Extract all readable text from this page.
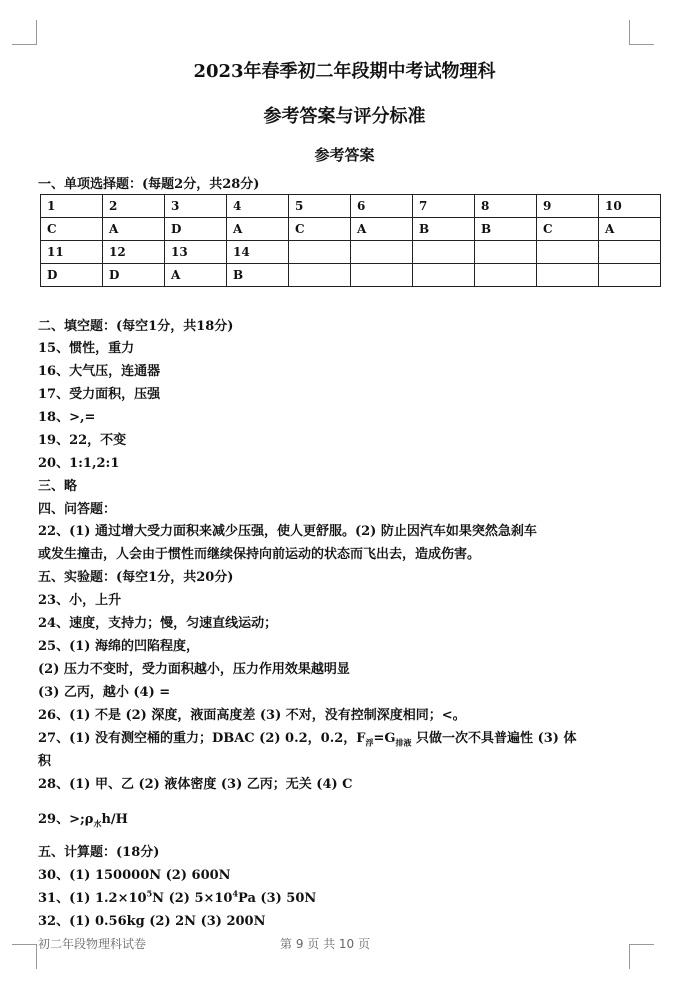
2023年春季初二年段期中考试物理科
参考答案与评分标准
参考答案
一、单项选择题：(每题2分，共28分)
1	2	3	4	5	6	7	8	9	10
C	A	D	A	C	A	B	B	C	A
11	12	13	14						
D	D	A	B						
二、填空题：(每空1分，共18分)
15、惯性，重力
16、大气压，连通器
17、受力面积，压强
18、>,=
19、22，不变
20、1:1,2:1
三、略
四、问答题：
22、(1) 通过增大受力面积来减少压强，使人更舒服。(2) 防止因汽车如果突然急刹车
或发生撞击，人会由于惯性而继续保持向前运动的状态而飞出去，造成伤害。
五、实验题：(每空1分，共20分)
23、小，上升
24、速度，支持力；慢，匀速直线运动；
25、(1) 海绵的凹陷程度，
(2) 压力不变时，受力面积越小，压力作用效果越明显
(3) 乙丙，越小 (4) =
26、(1) 不是 (2) 深度，液面高度差 (3) 不对，没有控制深度相同；<。
27、(1) 没有测空桶的重力；DBAC (2) 0.2，0.2，$F_浮=G_{排液}$ 只做一次不具普遍性 (3) 体
积
28、(1) 甲、乙 (2) 液体密度 (3) 乙丙；无关 (4) C
29、$>;\rho_水h/H$
五、计算题：(18分)
30、(1) 150000N (2) 600N
31、(1) $1.2\times 10^5N$ (2) $5\times 10^4Pa$ (3) 50N
32、(1) 0.56kg (2) 2N (3) 200N
初二年段物理科试卷	第 9 页 共 10 页
